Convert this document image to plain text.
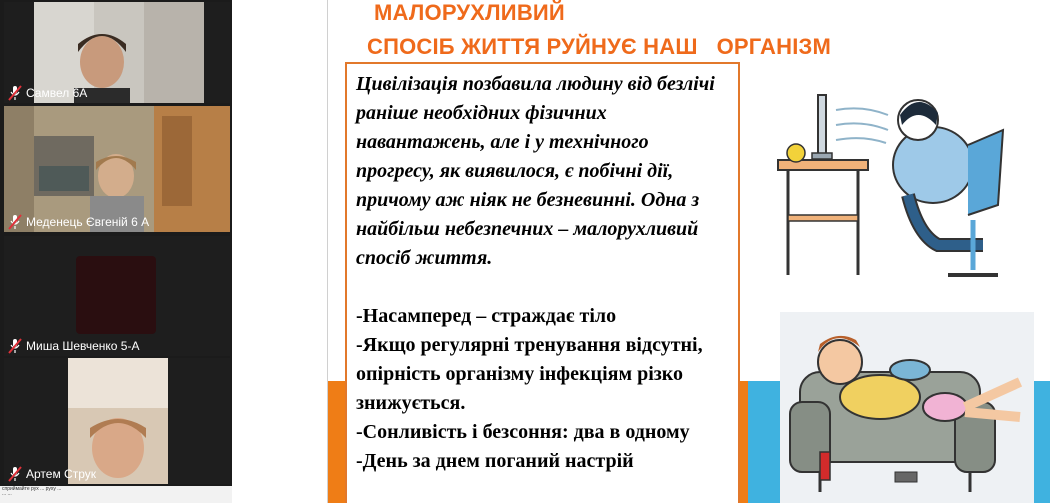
Самвел 6А
Меденець Євгеній 6 А
Миша Шевченко 5-А
Артем Струк
сприймайте рух ... руху ... ... ...
МАЛОРУХЛИВИЙ
СПОСІБ ЖИТТЯ РУЙНУЄ НАШ   ОРГАНІЗМ
Цивілізація позбавила людину від безлічі раніше необхідних фізичних навантажень, але і у технічного прогресу, як виявилося, є побічні дії, причому аж ніяк не безневинні. Одна з найбільш небезпечних – малорухливий спосіб життя.
-Насамперед – страждає тіло
-Якщо регулярні тренування відсутні, опірність організму інфекціям різко знижується.
-Сонливість і безсоння: два в одному
-День за днем поганий настрій
